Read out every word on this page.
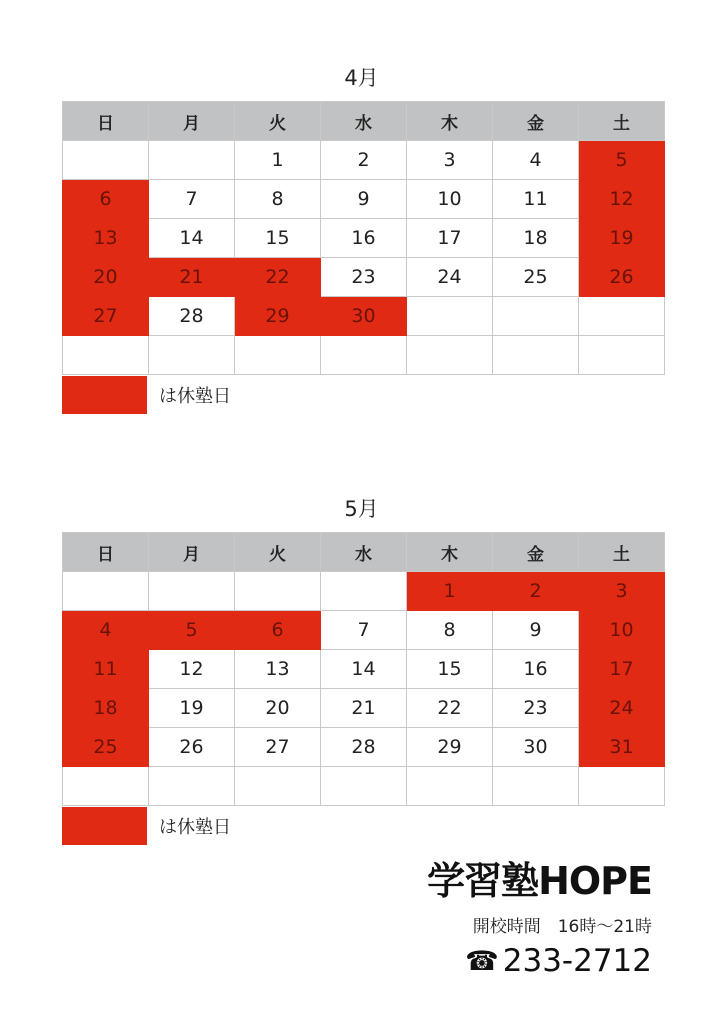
4月
日	月	火	水	木	金	土
		1	2	3	4	5
6	7	8	9	10	11	12
13	14	15	16	17	18	19
20	21	22	23	24	25	26
27	28	29	30			

は休塾日
5月
日	月	火	水	木	金	土
				1	2	3
4	5	6	7	8	9	10
11	12	13	14	15	16	17
18	19	20	21	22	23	24
25	26	27	28	29	30	31

は休塾日
学習塾HOPE
開校時間　16時～21時
☎ 233-2712
